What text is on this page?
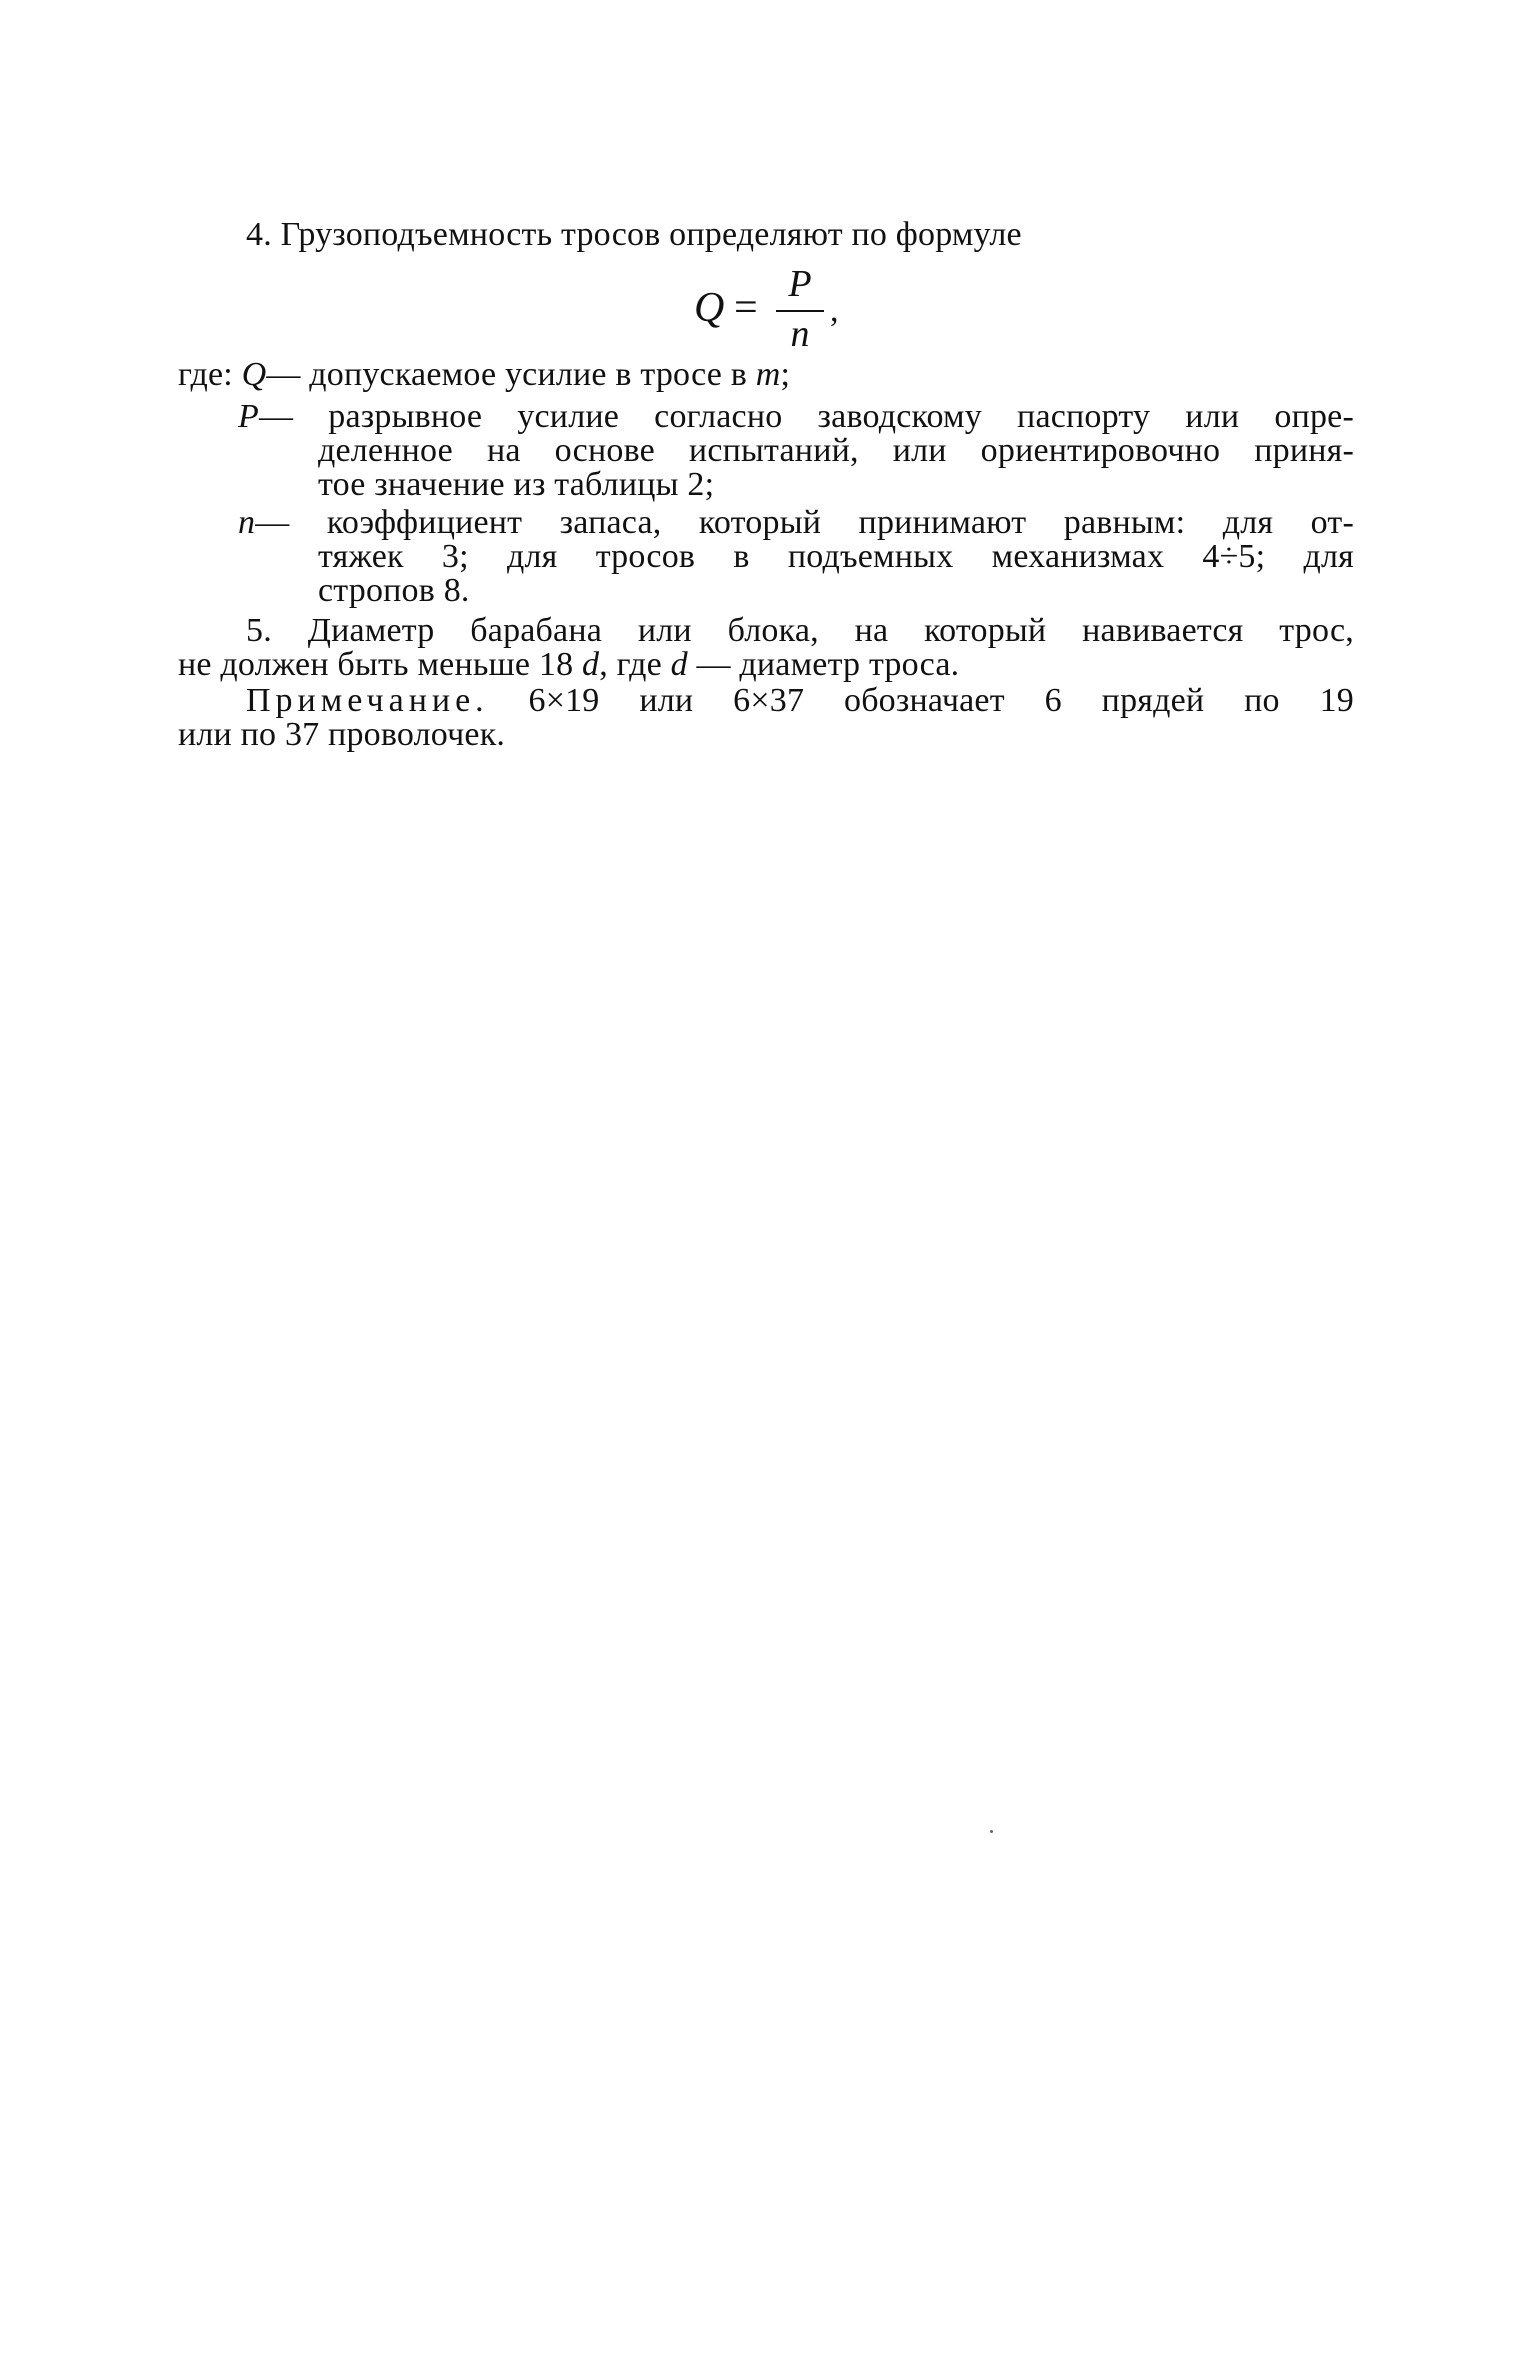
4. Грузоподъемность тросов определяют по формуле
Q =
P
n
,
где: Q— допускаемое усилие в тросе в т;
P— разрывное усилие согласно заводскому паспорту или опре-
деленное на основе испытаний, или ориентировочно приня-
тое значение из таблицы 2;
n— коэффициент запаса, который принимают равным: для от-
тяжек 3; для тросов в подъемных механизмах 4÷5; для
стропов 8.
5. Диаметр барабана или блока, на который навивается трос,
не должен быть меньше 18 d, где d — диаметр троса.
Примечание. 6×19 или 6×37 обозначает 6 прядей по 19
или по 37 проволочек.
